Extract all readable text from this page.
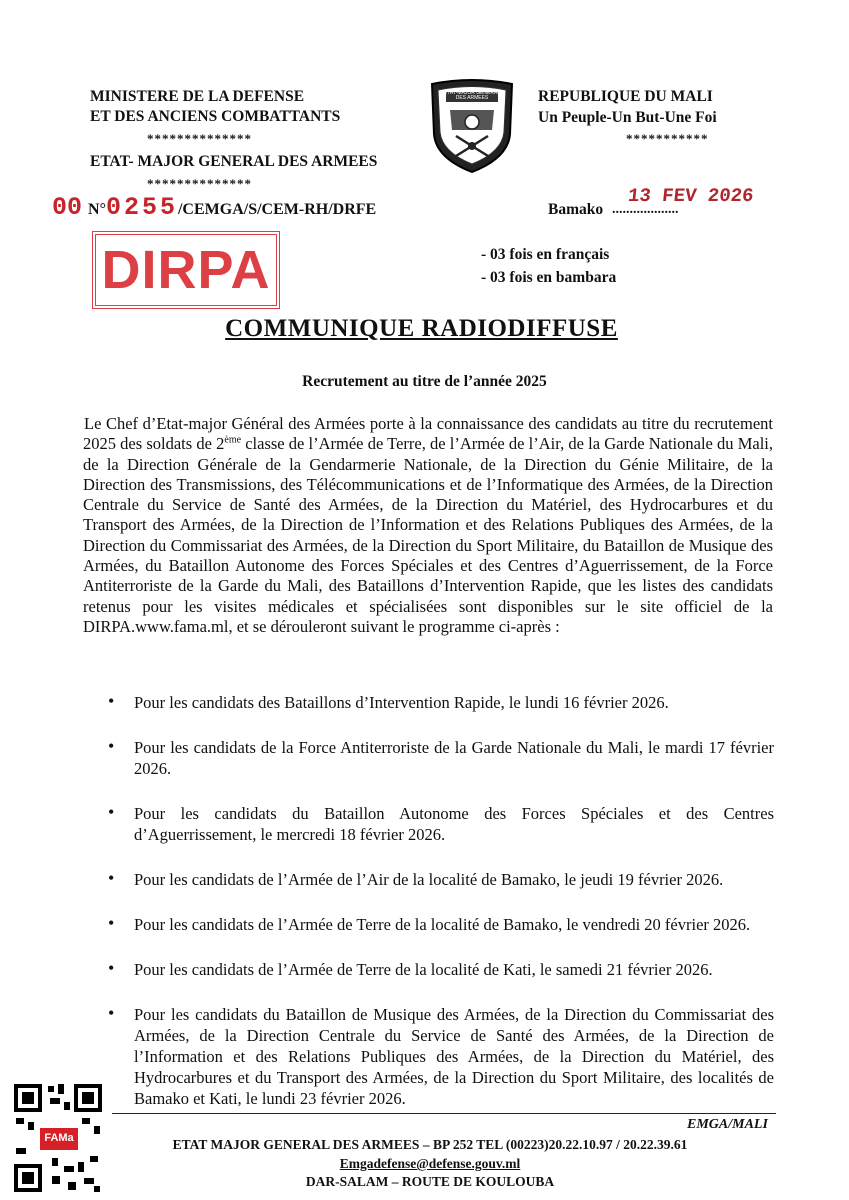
MINISTERE DE LA DEFENSE
ET DES ANCIENS COMBATTANTS
**************
ETAT- MAJOR GENERAL DES ARMEES
**************
00 N°0255/CEMGA/S/CEM-RH/DRFE
ETAT-MAJOR GENERAL DES ARMEES	REPUBLIQUE DU MALI
Un Peuple-Un But-Une Foi
***********
Bamako ...................
13 FEV 2026
DIRPA	- 03 fois en français
- 03 fois en bambara
COMMUNIQUE RADIODIFFUSE
Recrutement au titre de l’année 2025
Le Chef d’Etat-major Général des Armées porte à la connaissance des candidats au titre du recrutement 2025 des soldats de 2ème classe de l’Armée de Terre, de l’Armée de l’Air, de la Garde Nationale du Mali, de la Direction Générale de la Gendarmerie Nationale, de la Direction du Génie Militaire, de la Direction des Transmissions, des Télécommunications et de l’Informatique des Armées, de la Direction Centrale du Service de Santé des Armées, de la Direction du Matériel, des Hydrocarbures et du Transport des Armées, de la Direction de l’Information et des Relations Publiques des Armées, de la Direction du Commissariat des Armées, de la Direction du Sport Militaire, du Bataillon de Musique des Armées, du Bataillon Autonome des Forces Spéciales et des Centres d’Aguerrissement, de la Force Antiterroriste de la Garde du Mali, des Bataillons d’Intervention Rapide, que les listes des candidats retenus pour les visites médicales et spécialisées sont disponibles sur le site officiel de la DIRPA.www.fama.ml, et se dérouleront suivant le programme ci-après :
• Pour les candidats des Bataillons d’Intervention Rapide, le lundi 16 février 2026.
• Pour les candidats de la Force Antiterroriste de la Garde Nationale du Mali, le mardi 17 février 2026.
• Pour les candidats du Bataillon Autonome des Forces Spéciales et des Centres d’Aguerrissement, le mercredi 18 février 2026.
• Pour les candidats de l’Armée de l’Air de la localité de Bamako, le jeudi 19 février 2026.
• Pour les candidats de l’Armée de Terre de la localité de Bamako, le vendredi 20 février 2026.
• Pour les candidats de l’Armée de Terre de la localité de Kati, le samedi 21 février 2026.
• Pour les candidats du Bataillon de Musique des Armées, de la Direction du Commissariat des Armées, de la Direction Centrale du Service de Santé des Armées, de la Direction de l’Information et des Relations Publiques des Armées, de la Direction du Matériel, des Hydrocarbures et du Transport des Armées, de la Direction du Sport Militaire, des localités de Bamako et Kati, le lundi 23 février 2026.
FAMa
EMGA/MALI
ETAT MAJOR GENERAL DES ARMEES – BP 252 TEL (00223)20.22.10.97 / 20.22.39.61
Emgadefense@defense.gouv.ml
DAR-SALAM – ROUTE DE KOULOUBA
